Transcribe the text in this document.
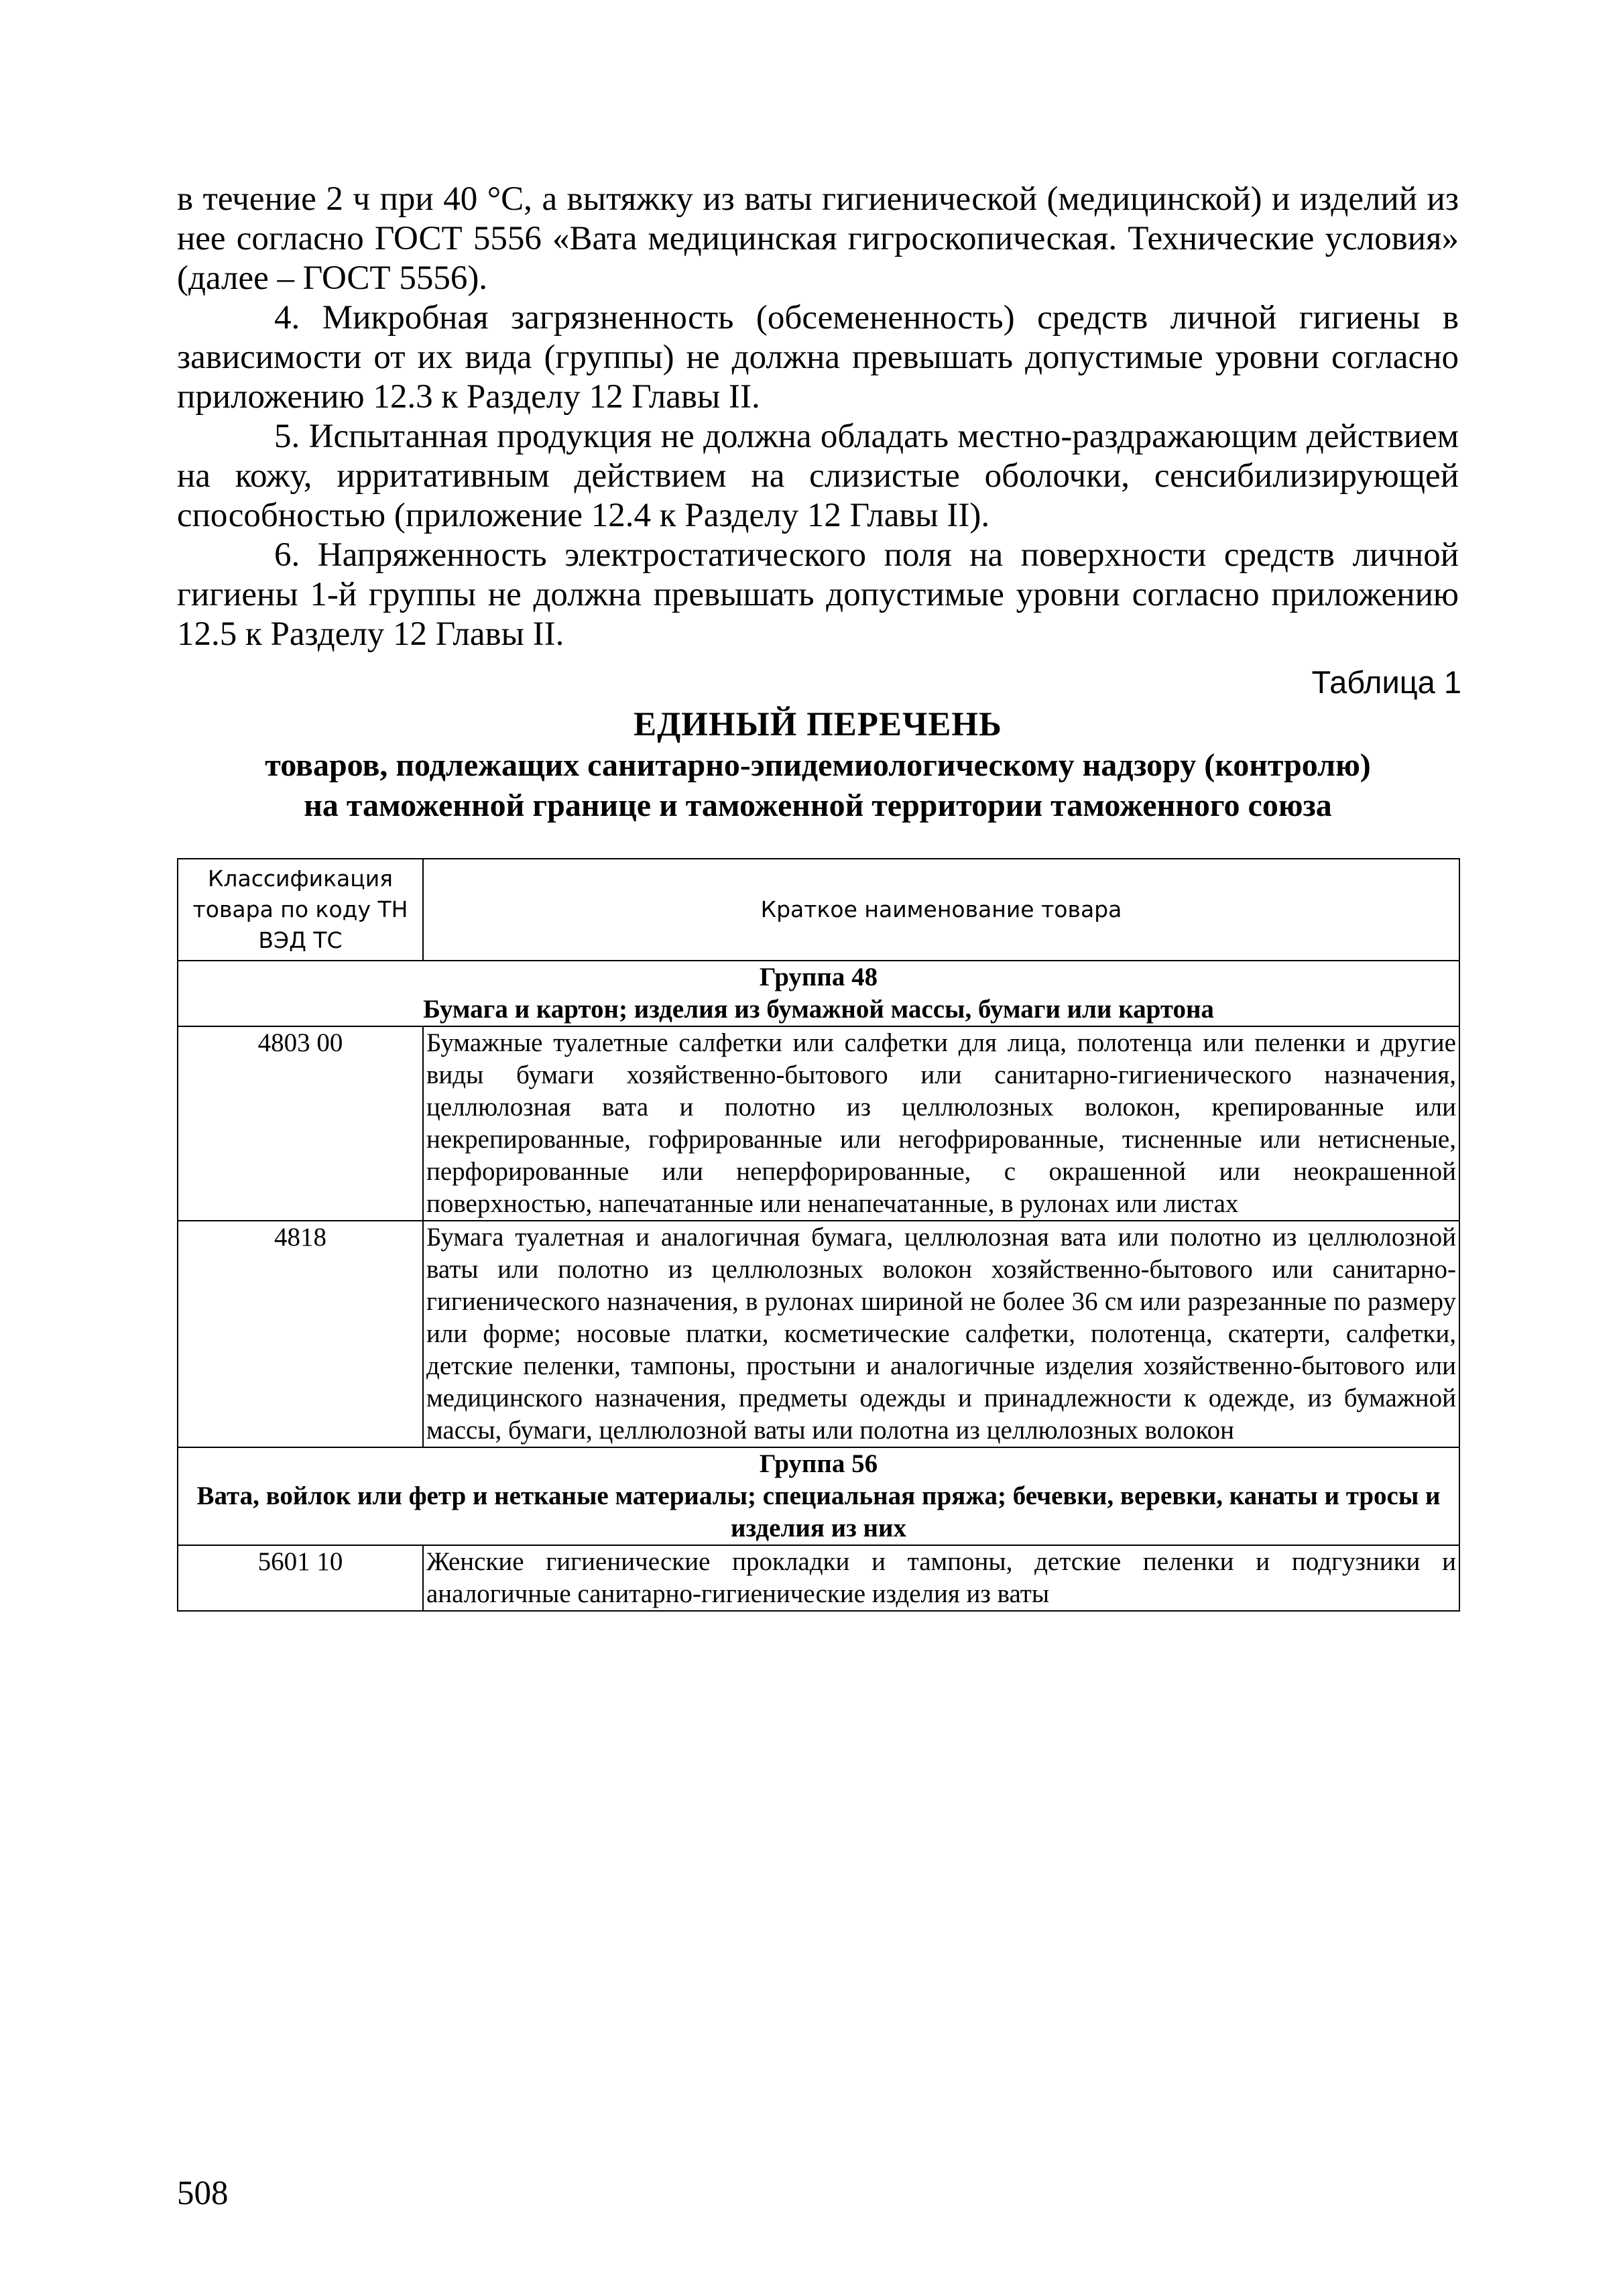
в течение 2 ч при 40 °С, а вытяжку из ваты гигиенической (медицинской) и изделий из нее согласно ГОСТ 5556 «Вата медицинская гигроскопическая. Технические условия» (далее – ГОСТ 5556).

4. Микробная загрязненность (обсемененность) средств личной гигиены в зависимости от их вида (группы) не должна превышать допустимые уровни согласно приложению 12.3 к Разделу 12 Главы II.

5. Испытанная продукция не должна обладать местно-раздражающим действием на кожу, ирритативным действием на слизистые оболочки, сенсибилизирующей способностью (приложение 12.4 к Разделу 12 Главы II).

6. Напряженность электростатического поля на поверхности средств личной гигиены 1-й группы не должна превышать допустимые уровни согласно приложению 12.5 к Разделу 12 Главы II.

Таблица 1
ЕДИНЫЙ ПЕРЕЧЕНЬ
товаров, подлежащих санитарно-эпидемиологическому надзору (контролю)
на таможенной границе и таможенной территории таможенного союза
Классификация товара по коду ТН ВЭД ТС	Краткое наименование товара

Группа 48
Бумага и картон; изделия из бумажной массы, бумаги или картона	

4803 00	Бумажные туалетные салфетки или салфетки для лица, полотенца или пеленки и другие виды бумаги хозяйственно-бытового или санитарно-гигиенического назначения, целлюлозная вата и полотно из целлюлозных волокон, крепированные или некрепированные, гофрированные или негофрированные, тисненные или нетисненые, перфорированные или неперфорированные, с окрашенной или неокрашенной поверхностью, напечатанные или ненапечатанные, в рулонах или листах
4818	Бумага туалетная и аналогичная бумага, целлюлозная вата или полотно из целлюлозной ваты или полотно из целлюлозных волокон хозяйственно-бытового или санитарно-гигиенического назначения, в рулонах шириной не более 36 см или разрезанные по размеру или форме; носовые платки, косметические салфетки, полотенца, скатерти, салфетки, детские пеленки, тампоны, простыни и аналогичные изделия хозяйственно-бытового или медицинского назначения, предметы одежды и принадлежности к одежде, из бумажной массы, бумаги, целлюлозной ваты или полотна из целлюлозных волокон

Группа 56
Вата, войлок или фетр и нетканые материалы; специальная пряжа; бечевки, веревки, канаты и тросы и изделия из них	

5601 10	Женские гигиенические прокладки и тампоны, детские пеленки и подгузники и аналогичные санитарно-гигиенические изделия из ваты
508
